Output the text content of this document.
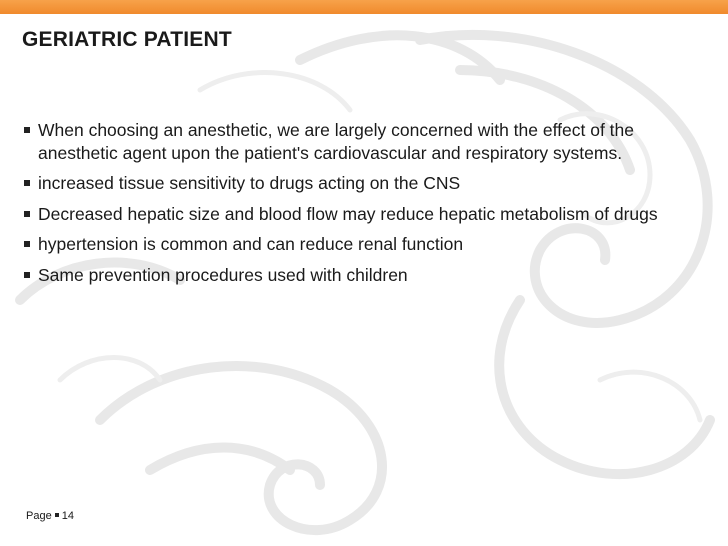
GERIATRIC PATIENT
When choosing an anesthetic, we are largely concerned with the effect of the anesthetic agent upon the patient's cardiovascular and respiratory systems.
increased tissue sensitivity to drugs acting on the CNS
Decreased hepatic size and blood flow may reduce hepatic metabolism of drugs
hypertension is common and can reduce renal function
Same prevention procedures used with children
Page 14
